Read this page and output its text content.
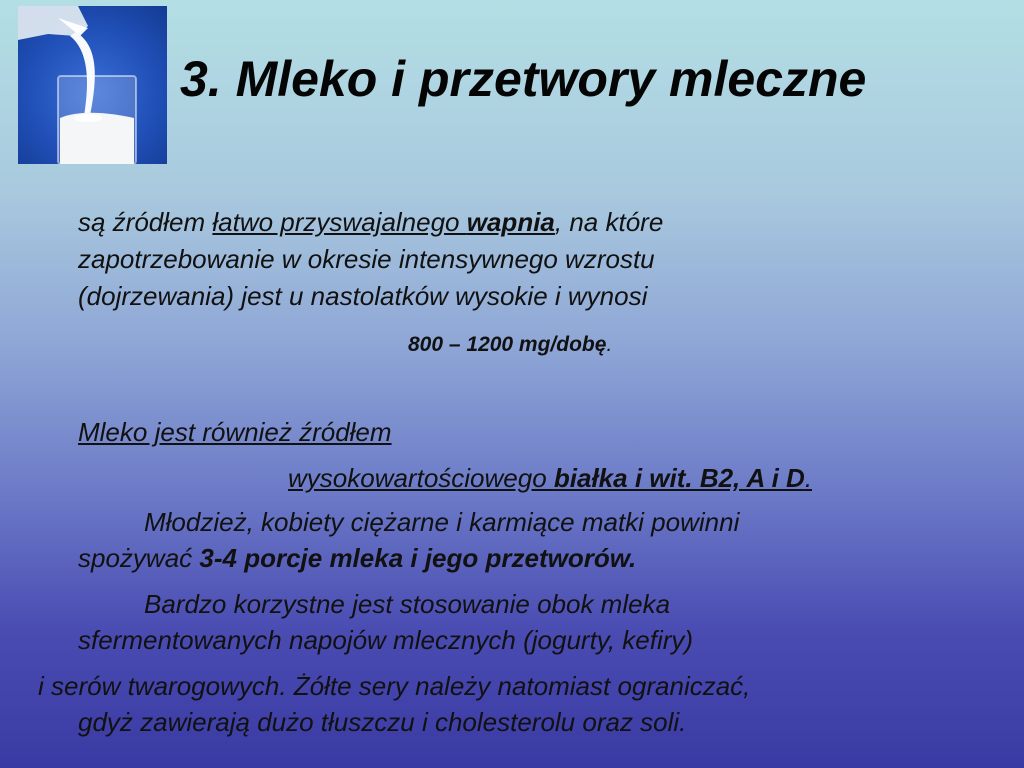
3. Mleko i przetwory mleczne
są źródłem łatwo przyswajalnego wapnia, na które
zapotrzebowanie w okresie intensywnego wzrostu
(dojrzewania) jest u nastolatków wysokie i wynosi
800 – 1200 mg/dobę.
Mleko jest również źródłem
wysokowartościowego białka i wit. B2, A i D.
Młodzież, kobiety ciężarne i karmiące matki powinni
spożywać 3-4 porcje mleka i jego przetworów.
Bardzo korzystne jest stosowanie obok mleka
sfermentowanych napojów mlecznych (jogurty, kefiry)
i serów twarogowych. Żółte sery należy natomiast ograniczać,
gdyż zawierają dużo tłuszczu i cholesterolu oraz soli.
